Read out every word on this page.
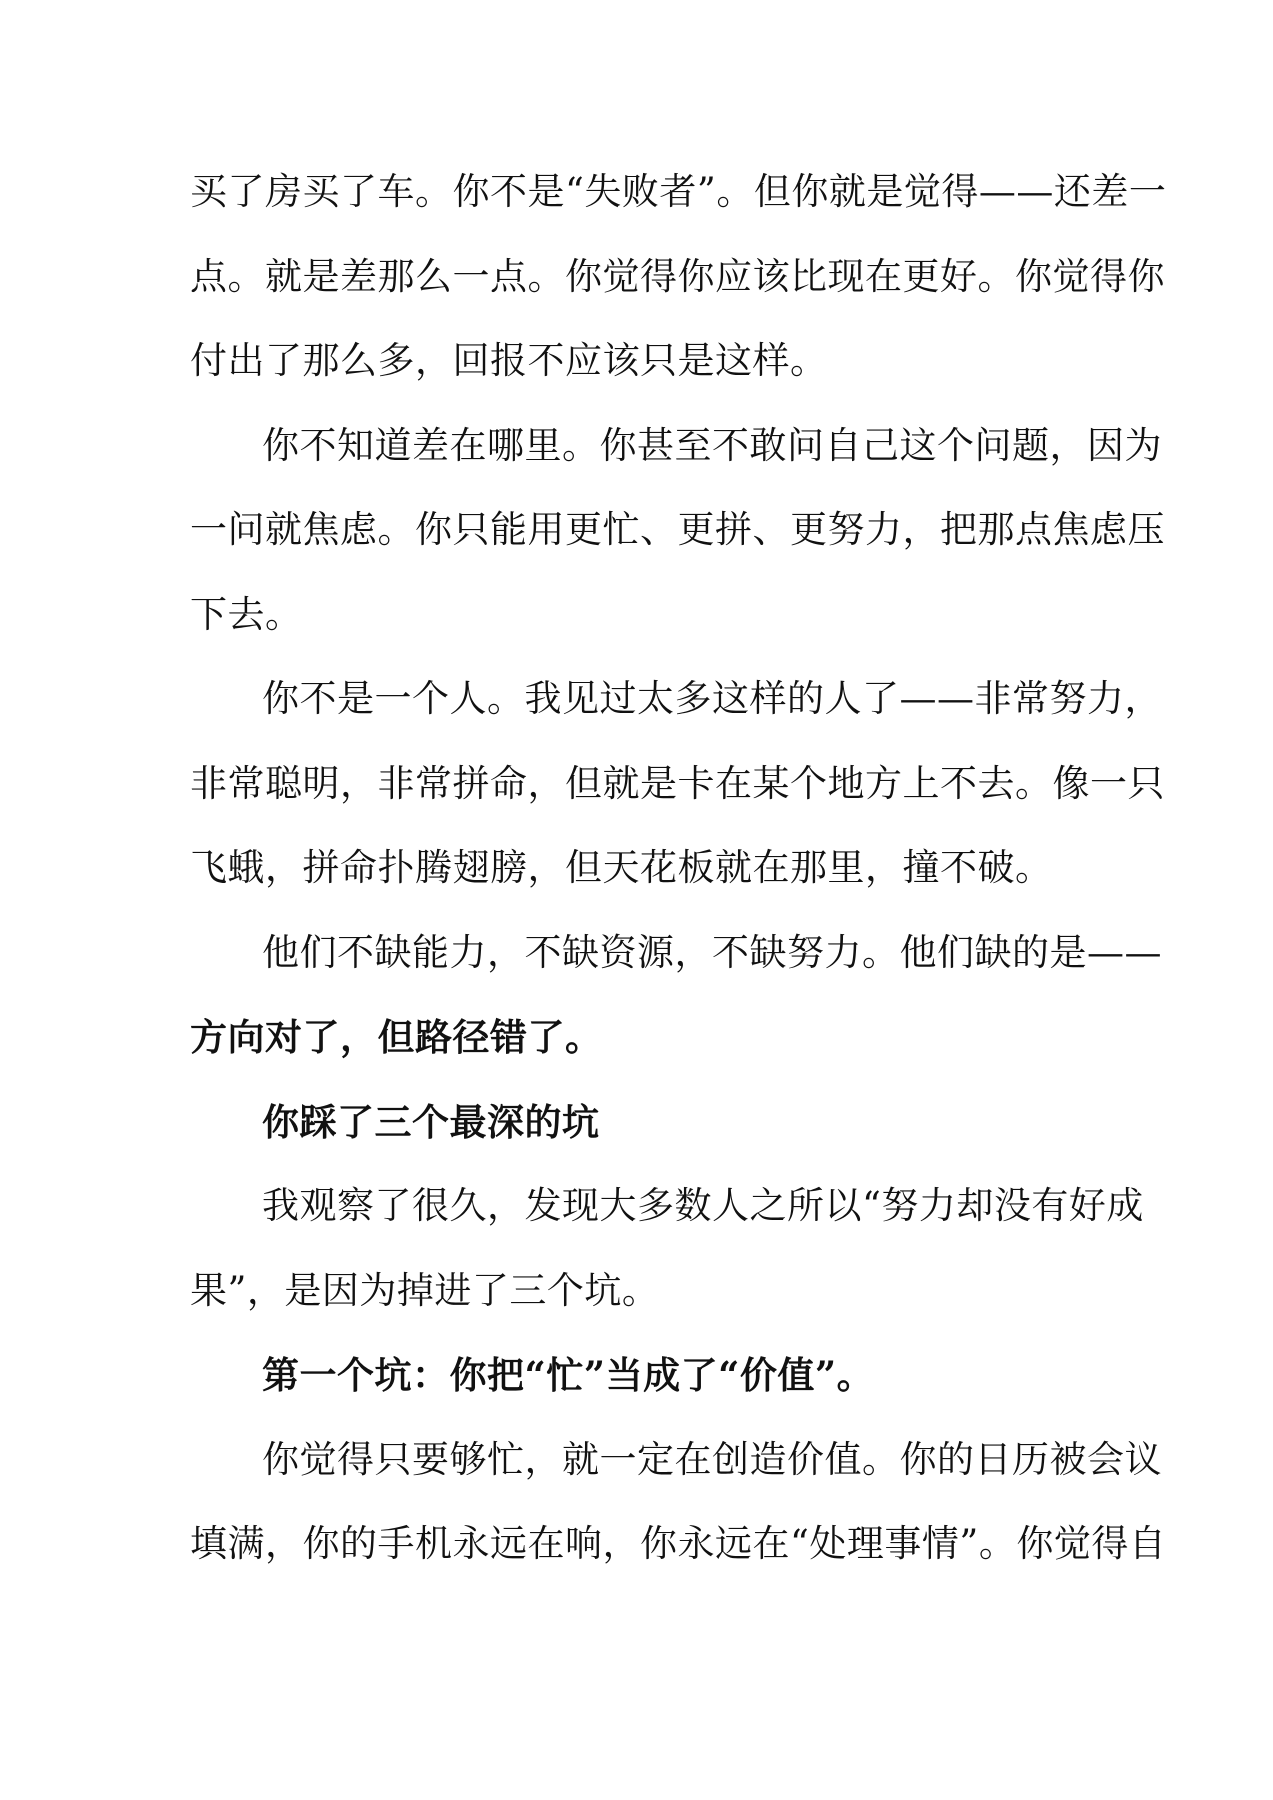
买了房买了车。你不是“失败者”。但你就是觉得——还差一
点。就是差那么一点。你觉得你应该比现在更好。你觉得你
付出了那么多，回报不应该只是这样。
你不知道差在哪里。你甚至不敢问自己这个问题，因为
一问就焦虑。你只能用更忙、更拼、更努力，把那点焦虑压
下去。
你不是一个人。我见过太多这样的人了——非常努力，
非常聪明，非常拼命，但就是卡在某个地方上不去。像一只
飞蛾，拼命扑腾翅膀，但天花板就在那里，撞不破。
他们不缺能力，不缺资源，不缺努力。他们缺的是——
方向对了，但路径错了。
你踩了三个最深的坑
我观察了很久，发现大多数人之所以“努力却没有好成
果”，是因为掉进了三个坑。
第一个坑：你把“忙”当成了“价值”。
你觉得只要够忙，就一定在创造价值。你的日历被会议
填满，你的手机永远在响，你永远在“处理事情”。你觉得自
